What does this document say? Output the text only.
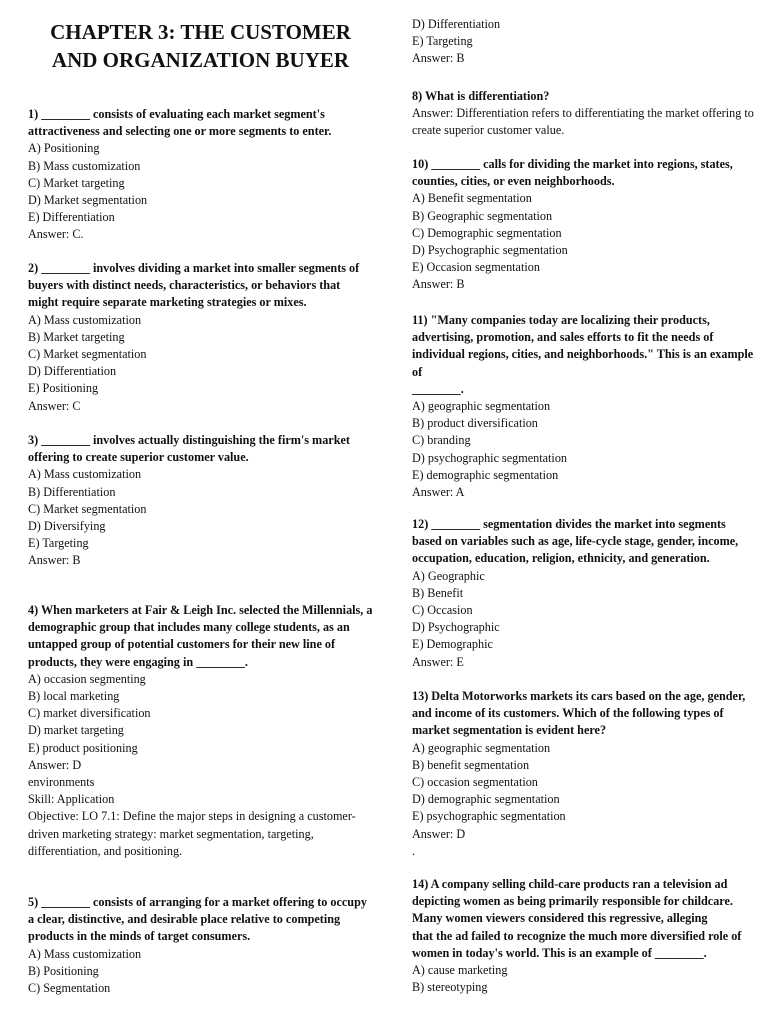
CHAPTER 3: THE CUSTOMER AND ORGANIZATION BUYER
1) ________ consists of evaluating each market segment's attractiveness and selecting one or more segments to enter.
A) Positioning
B) Mass customization
C) Market targeting
D) Market segmentation
E) Differentiation
Answer: C.
2) ________ involves dividing a market into smaller segments of buyers with distinct needs, characteristics, or behaviors that might require separate marketing strategies or mixes.
A) Mass customization
B) Market targeting
C) Market segmentation
D) Differentiation
E) Positioning
Answer: C
3) ________ involves actually distinguishing the firm's market offering to create superior customer value.
A) Mass customization
B) Differentiation
C) Market segmentation
D) Diversifying
E) Targeting
Answer: B
4) When marketers at Fair & Leigh Inc. selected the Millennials, a demographic group that includes many college students, as an untapped group of potential customers for their new line of
products, they were engaging in ________.
A) occasion segmenting
B) local marketing
C) market diversification
D) market targeting
E) product positioning
Answer: D
environments
Skill: Application
Objective: LO 7.1: Define the major steps in designing a customer-driven marketing strategy: market segmentation, targeting, differentiation, and positioning.
5) ________ consists of arranging for a market offering to occupy a clear, distinctive, and desirable place relative to competing products in the minds of target consumers.
A) Mass customization
B) Positioning
C) Segmentation
D) Differentiation
E) Targeting
Answer: B
8) What is differentiation?
Answer: Differentiation refers to differentiating the market offering to create superior customer value.
10) ________ calls for dividing the market into regions, states, counties, cities, or even neighborhoods.
A) Benefit segmentation
B) Geographic segmentation
C) Demographic segmentation
D) Psychographic segmentation
E) Occasion segmentation
Answer: B
11) "Many companies today are localizing their products, advertising, promotion, and sales efforts to fit the needs of individual regions, cities, and neighborhoods." This is an example of
________.
A) geographic segmentation
B) product diversification
C) branding
D) psychographic segmentation
E) demographic segmentation
Answer: A
12) ________ segmentation divides the market into segments based on variables such as age, life-cycle stage, gender, income, occupation, education, religion, ethnicity, and generation.
A) Geographic
B) Benefit
C) Occasion
D) Psychographic
E) Demographic
Answer: E
13) Delta Motorworks markets its cars based on the age, gender, and income of its customers. Which of the following types of market segmentation is evident here?
A) geographic segmentation
B) benefit segmentation
C) occasion segmentation
D) demographic segmentation
E) psychographic segmentation
Answer: D
.
14) A company selling child-care products ran a television ad depicting women as being primarily responsible for childcare. Many women viewers considered this regressive, alleging
that the ad failed to recognize the much more diversified role of women in today's world. This is an example of ________.
A) cause marketing
B) stereotyping
